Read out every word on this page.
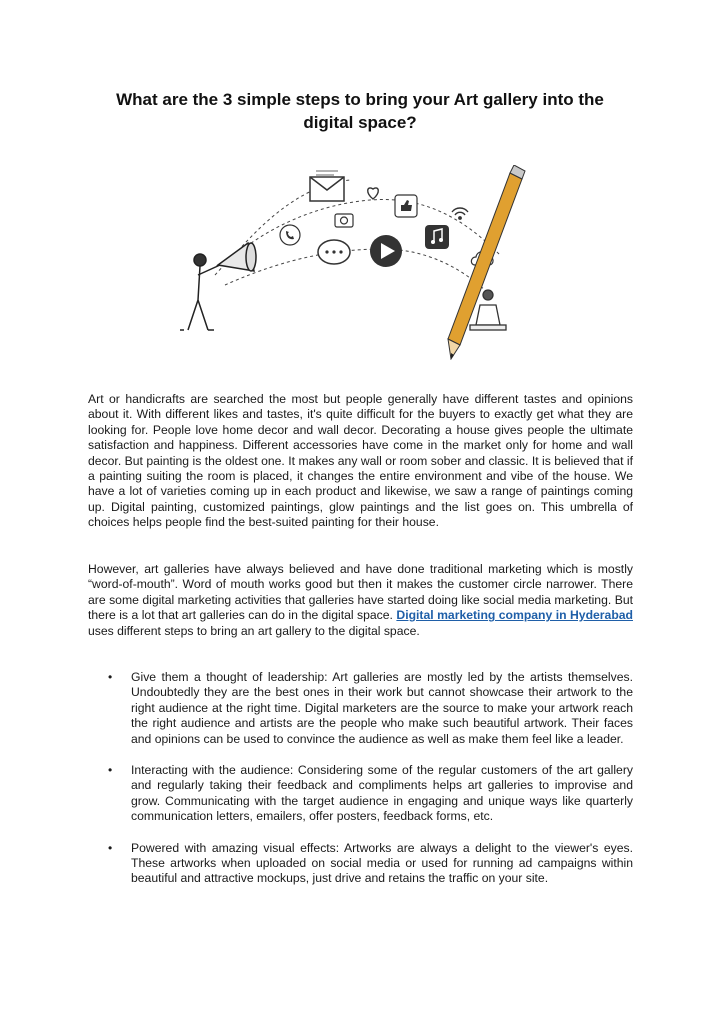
What are the 3 simple steps to bring your Art gallery into the digital space?
Art or handicrafts are searched the most but people generally have different tastes and opinions about it. With different likes and tastes, it's quite difficult for the buyers to exactly get what they are looking for. People love home decor and wall decor. Decorating a house gives people the ultimate satisfaction and happiness. Different accessories have come in the market only for home and wall decor. But painting is the oldest one. It makes any wall or room sober and classic. It is believed that if a painting suiting the room is placed, it changes the entire environment and vibe of the house. We have a lot of varieties coming up in each product and likewise, we saw a range of paintings coming up. Digital painting, customized paintings, glow paintings and the list goes on. This umbrella of choices helps people find the best-suited painting for their house.
However, art galleries have always believed and have done traditional marketing which is mostly “word-of-mouth”. Word of mouth works good but then it makes the customer circle narrower. There are some digital marketing activities that galleries have started doing like social media marketing. But there is a lot that art galleries can do in the digital space. Digital marketing company in Hyderabad uses different steps to bring an art gallery to the digital space.
• Give them a thought of leadership: Art galleries are mostly led by the artists themselves. Undoubtedly they are the best ones in their work but cannot showcase their artwork to the right audience at the right time. Digital marketers are the source to make your artwork reach the right audience and artists are the people who make such beautiful artwork. Their faces and opinions can be used to convince the audience as well as make them feel like a leader.
• Interacting with the audience: Considering some of the regular customers of the art gallery and regularly taking their feedback and compliments helps art galleries to improvise and grow. Communicating with the target audience in engaging and unique ways like quarterly communication letters, emailers, offer posters, feedback forms, etc.
• Powered with amazing visual effects: Artworks are always a delight to the viewer's eyes. These artworks when uploaded on social media or used for running ad campaigns within beautiful and attractive mockups, just drive and retains the traffic on your site.
